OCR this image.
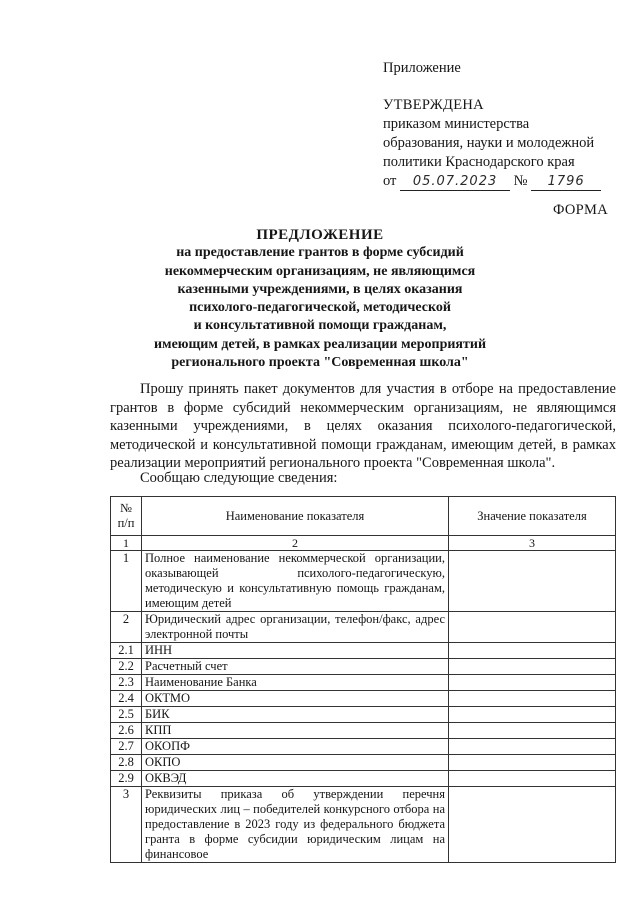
Приложение
УТВЕРЖДЕНА
приказом министерства
образования, науки и молодежной
политики Краснодарского края
от 05.07.2023 № 1796
ФОРМА
ПРЕДЛОЖЕНИЕ
на предоставление грантов в форме субсидий
некоммерческим организациям, не являющимся
казенными учреждениями, в целях оказания
психолого-педагогической, методической
и консультативной помощи гражданам,
имеющим детей, в рамках реализации мероприятий
регионального проекта "Современная школа"
Прошу принять пакет документов для участия в отборе на предоставление грантов в форме субсидий некоммерческим организациям, не являющимся казенными учреждениями, в целях оказания психолого-педагогической, методической и консультативной помощи гражданам, имеющим детей, в рамках реализации мероприятий регионального проекта "Современная школа".
Сообщаю следующие сведения:
№ п/п	Наименование показателя	Значение показателя
1	2	3
1	Полное наименование некоммерческой организации, оказывающей психолого-педагогическую, методическую и консультативную помощь гражданам, имеющим детей	
2	Юридический адрес организации, телефон/факс, адрес электронной почты	
2.1	ИНН	
2.2	Расчетный счет	
2.3	Наименование Банка	
2.4	ОКТМО	
2.5	БИК	
2.6	КПП	
2.7	ОКОПФ	
2.8	ОКПО	
2.9	ОКВЭД	
3	Реквизиты приказа об утверждении перечня юридических лиц – победителей конкурсного отбора на предоставление в 2023 году из федерального бюджета гранта в форме субсидии юридическим лицам на финансовое	
